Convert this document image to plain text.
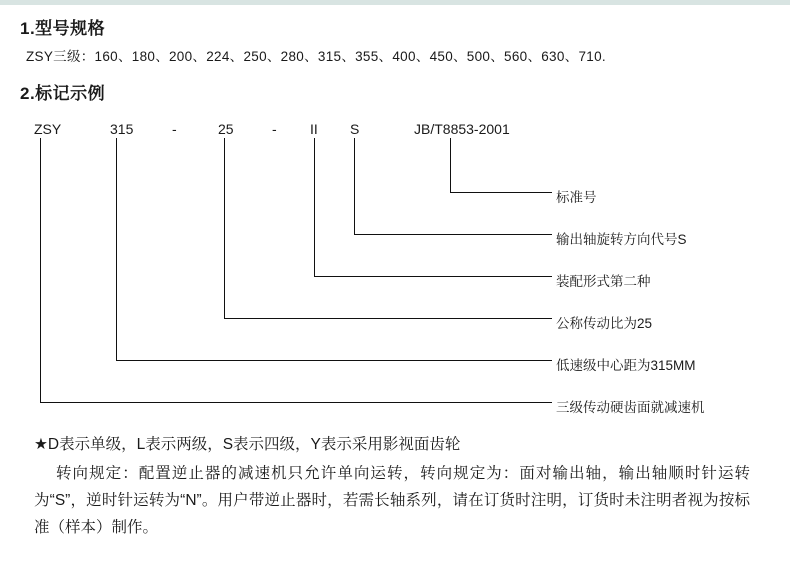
1.型号规格
ZSY三级：160、180、200、224、250、280、315、355、400、450、500、560、630、710.
2.标记示例
ZSY	315	-	25	- II S	JB/T8853-2001
标准号
输出轴旋转方向代号S
装配形式第二种
公称传动比为25
低速级中心距为315MM
三级传动硬齿面就减速机
★D表示单级，L表示两级，S表示四级，Y表示采用影视面齿轮
转向规定：配置逆止器的减速机只允许单向运转，转向规定为：面对输出轴，输出轴顺时针运转为“S”，逆时针运转为“N”。用户带逆止器时，若需长轴系列，请在订货时注明，订货时未注明者视为按标准（样本）制作。
